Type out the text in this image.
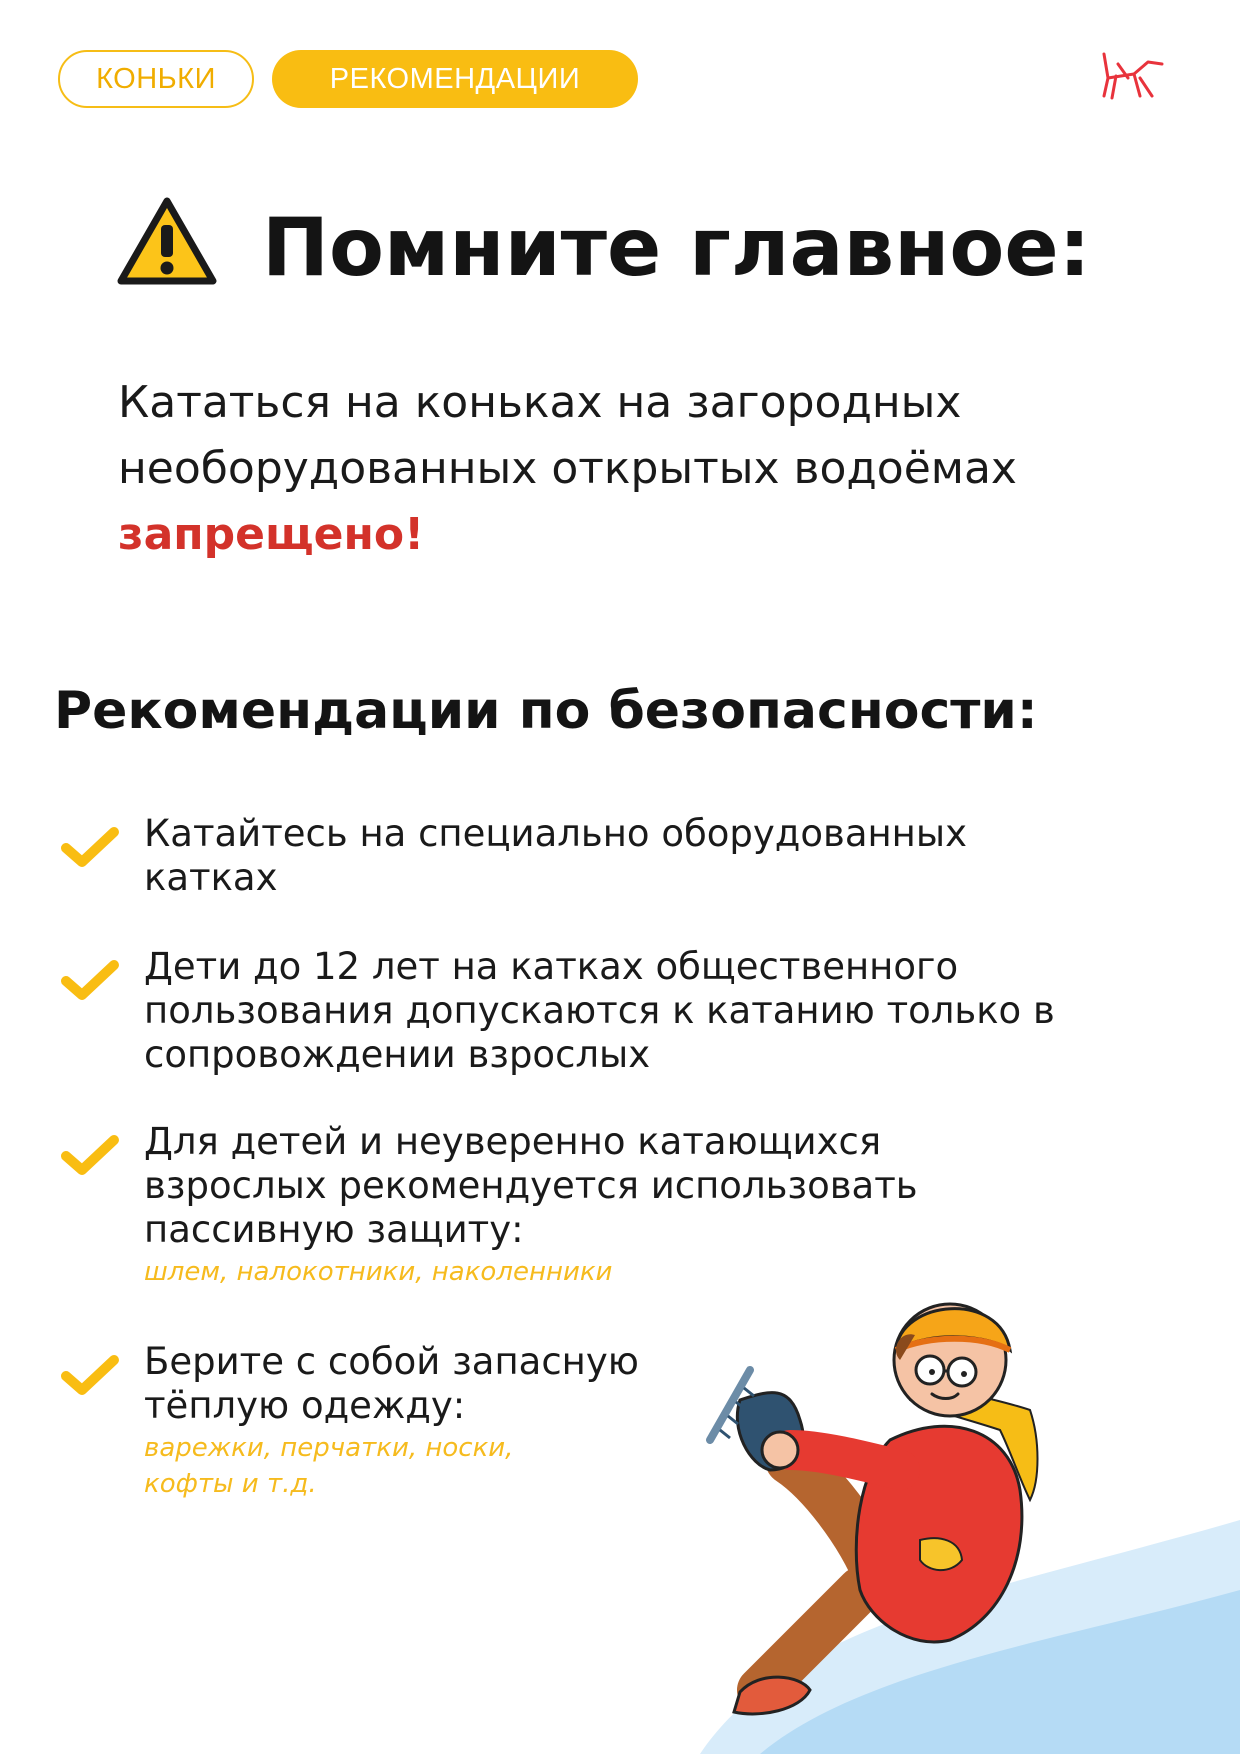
КОНЬКИ	РЕКОМЕНДАЦИИ
Помните главное:

Кататься на коньках на загородных необорудованных открытых водоёмах запрещено!

Рекомендации по безопасности:

Катайтесь на специально оборудованных катках

Дети до 12 лет на катках общественного пользования допускаются к катанию только в сопровождении взрослых

Для детей и неуверенно катающихся взрослых рекомендуется использовать пассивную защиту:
шлем, налокотники, наколенники

Берите с собой запасную тёплую одежду:
варежки, перчатки, носки, кофты и т.д.
